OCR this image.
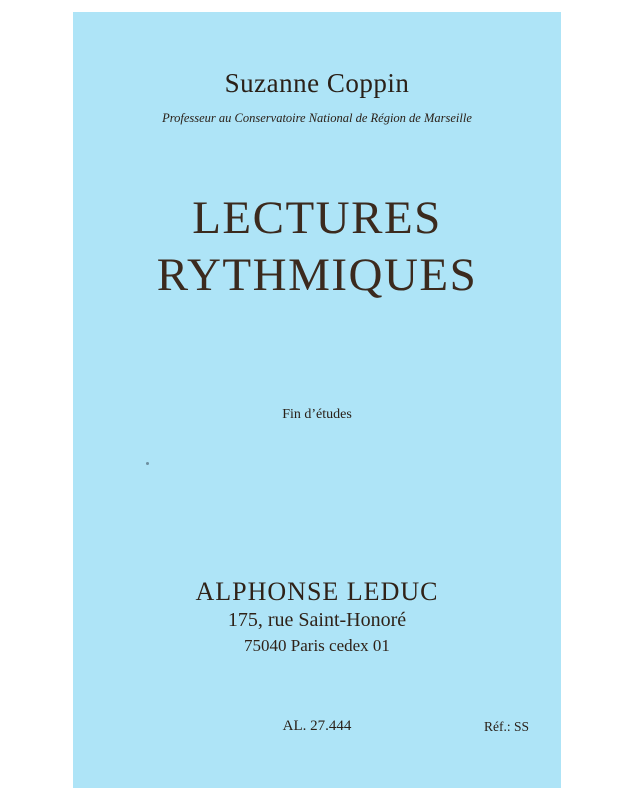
Suzanne Coppin
Professeur au Conservatoire National de Région de Marseille
LECTURES
RYTHMIQUES
Fin d’études
ALPHONSE LEDUC
175, rue Saint-Honoré
75040 Paris cedex 01
AL. 27.444	Réf.: SS
